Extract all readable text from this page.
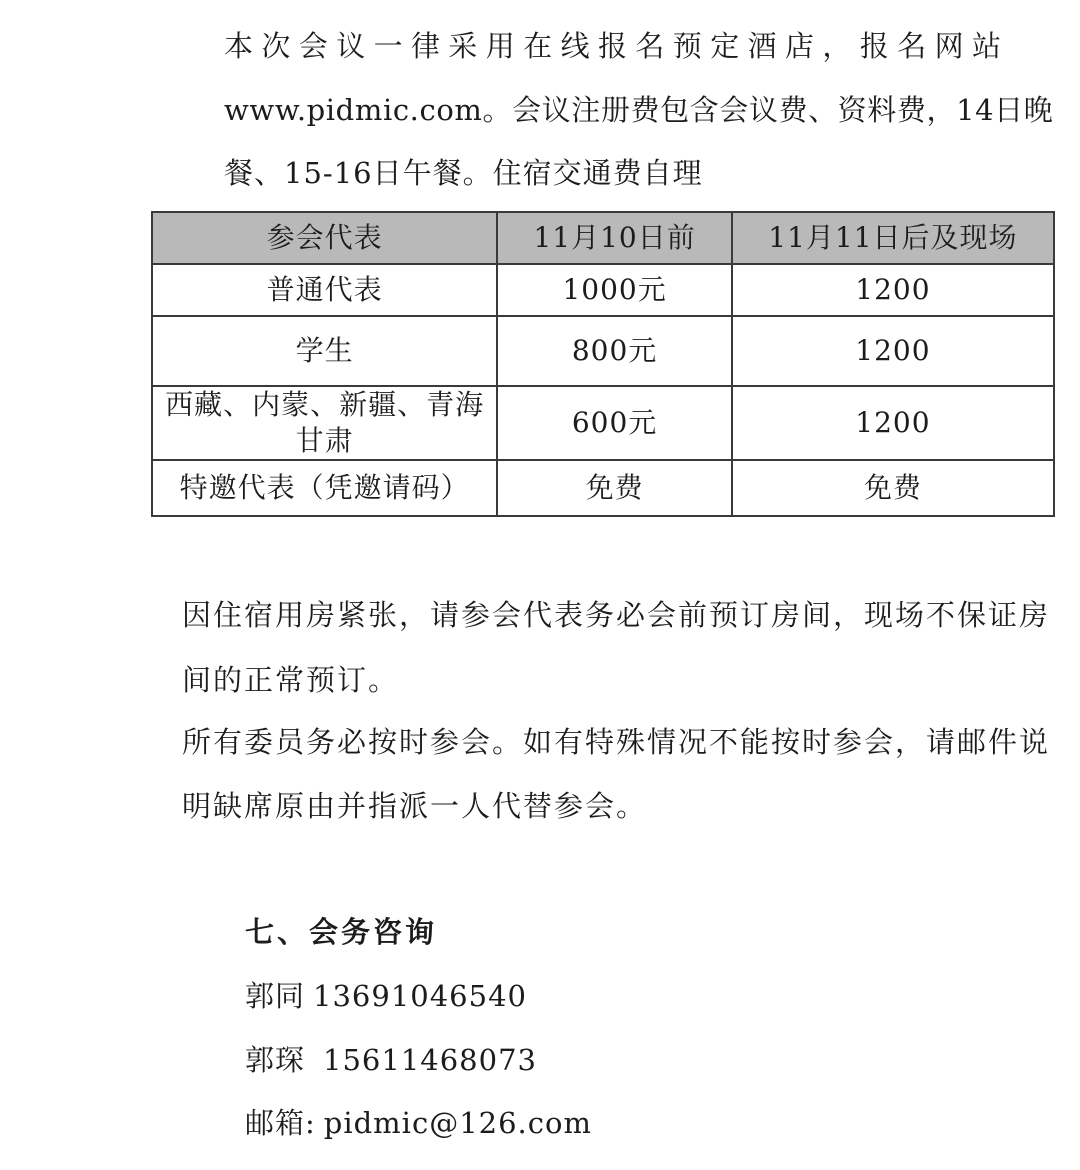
本次会议一律采用在线报名预定酒店，报名网站
www.pidmic.com。会议注册费包含会议费、资料费，14日晚
餐、15-16日午餐。住宿交通费自理
参会代表	11月10日前	11月11日后及现场
普通代表	1000元	1200
学生	800元	1200
西藏、内蒙、新疆、青海
甘肃	600元	1200
特邀代表（凭邀请码）	免费	免费
因住宿用房紧张，请参会代表务必会前预订房间，现场不保证房
间的正常预订。
所有委员务必按时参会。如有特殊情况不能按时参会，请邮件说
明缺席原由并指派一人代替参会。
七、会务咨询
郭同 13691046540
郭琛 15611468073
邮箱: pidmic@126.com
